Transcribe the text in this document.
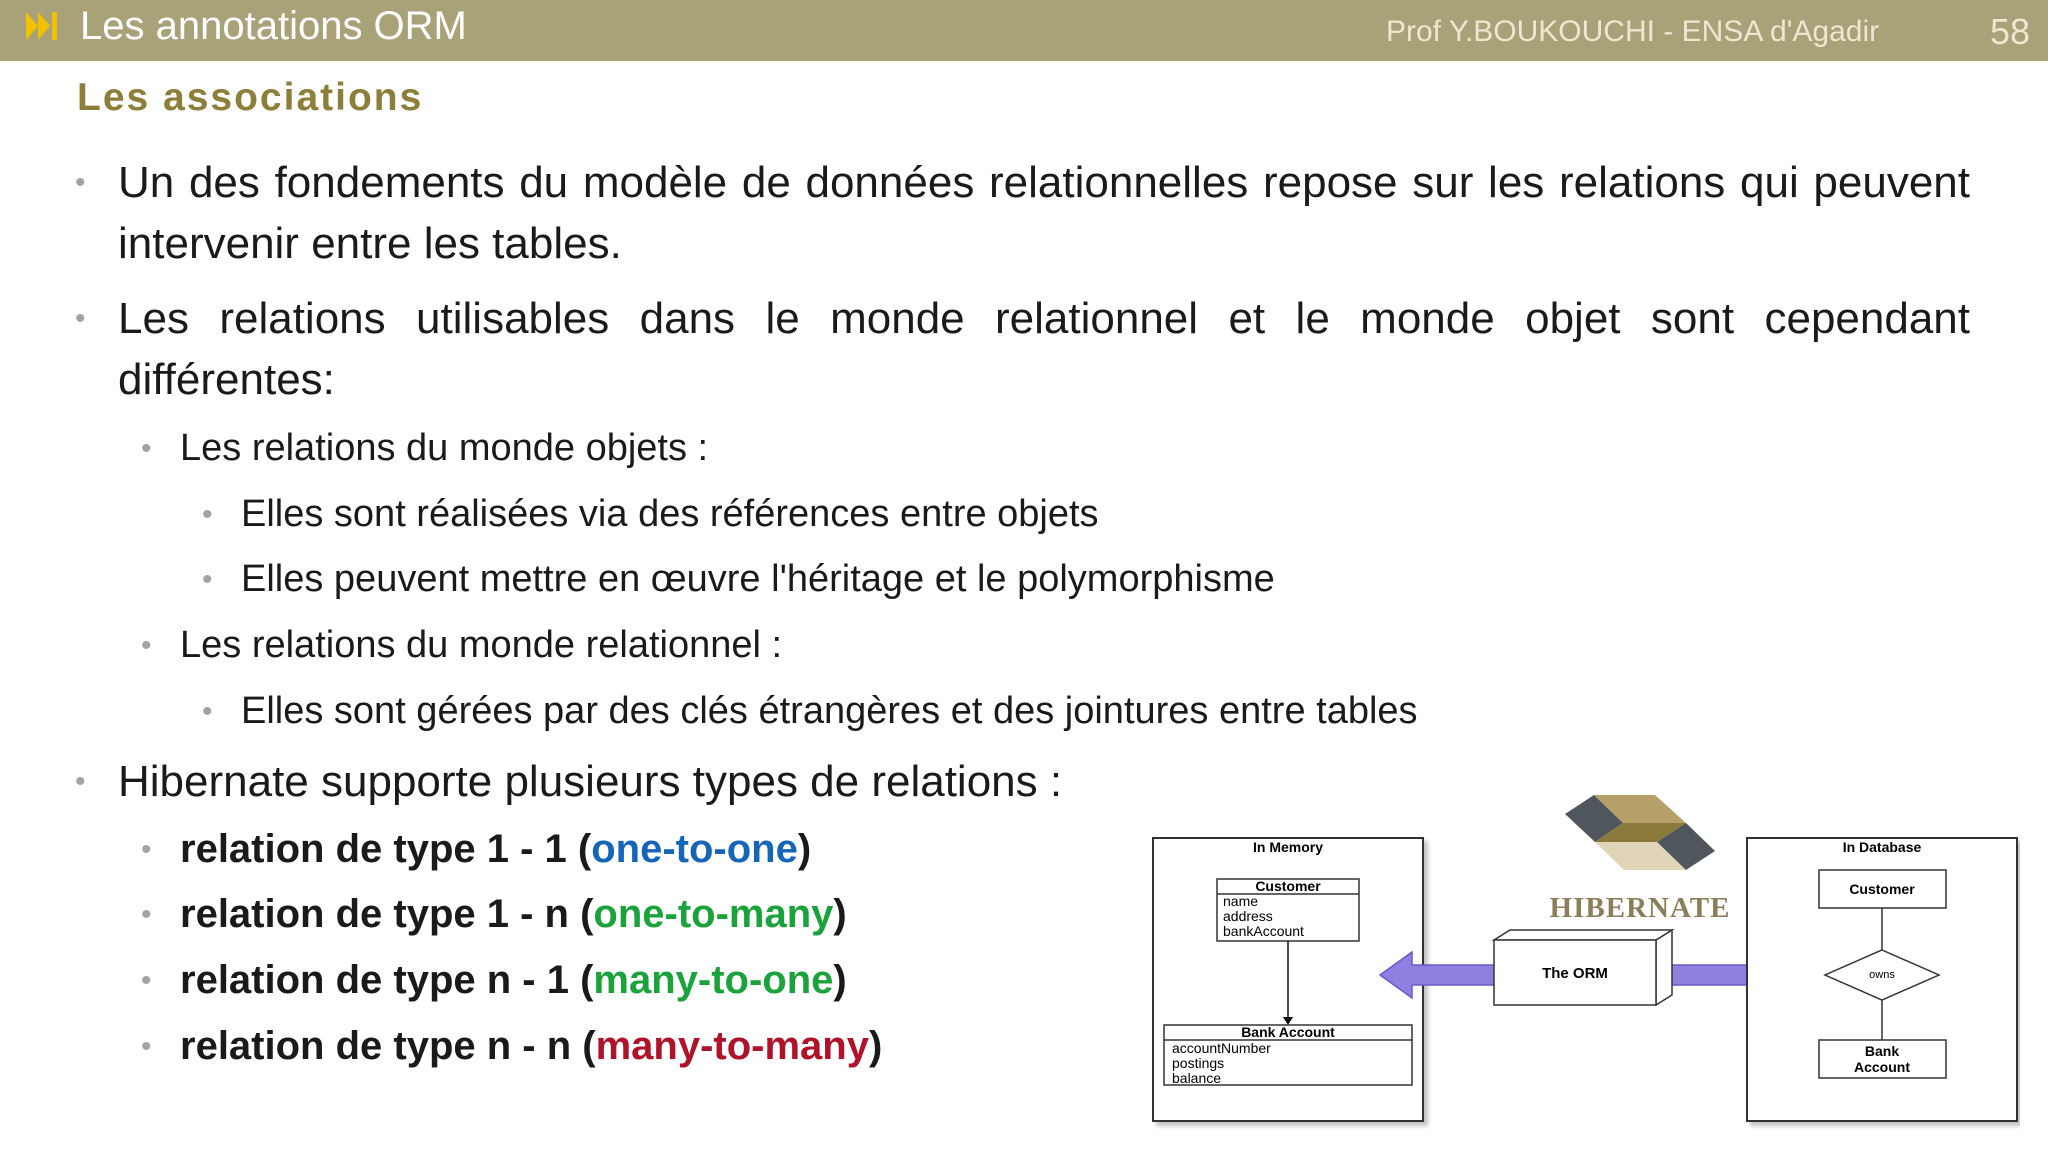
Les annotations ORM	Prof Y.BOUKOUCHI - ENSA d'Agadir	58
Les associations
• Un des fondements du modèle de données relationnelles repose sur les relations qui peuvent intervenir entre les tables.
• Les relations utilisables dans le monde relationnel et le monde objet sont cependant différentes:
• Les relations du monde objets :
• Elles sont réalisées via des références entre objets
• Elles peuvent mettre en œuvre l'héritage et le polymorphisme
• Les relations du monde relationnel :
• Elles sont gérées par des clés étrangères et des jointures entre tables
• Hibernate supporte plusieurs types de relations :
• relation de type 1 - 1 (one-to-one)
• relation de type 1 - n (one-to-many)
• relation de type n - 1 (many-to-one)
• relation de type n - n (many-to-many)
In Memory
Customer
name
address
bankAccount
Bank Account
accountNumber
postings
balance
HIBERNATE
The ORM
In Database
Customer
owns
Bank
Account
